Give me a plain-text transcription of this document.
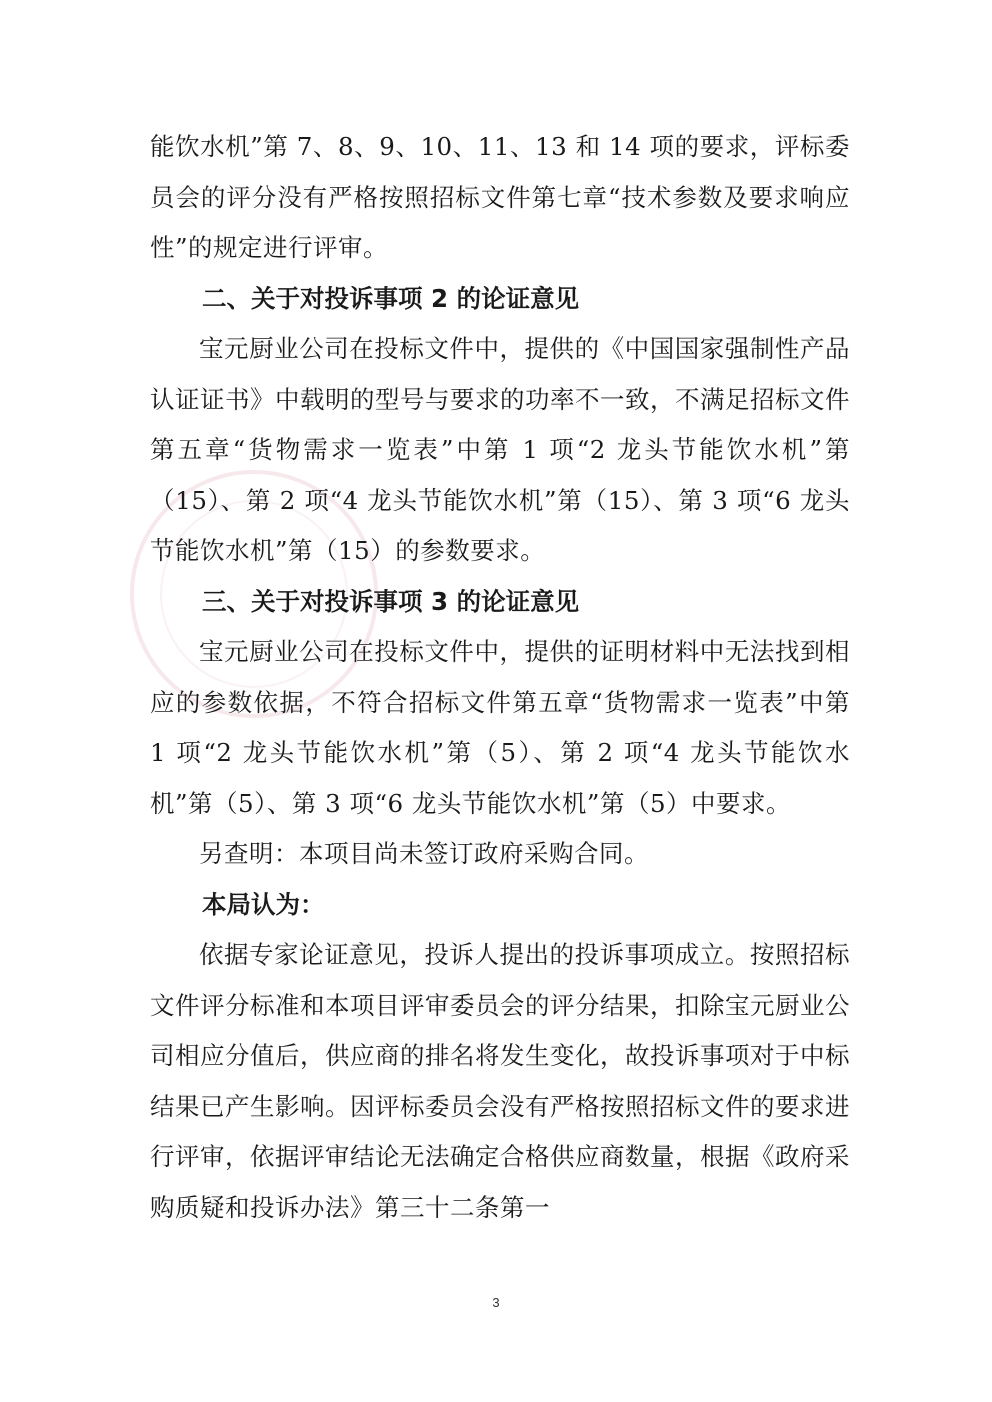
能饮水机”第 7、8、9、10、11、13 和 14 项的要求，评标委员会的评分没有严格按照招标文件第七章“技术参数及要求响应性”的规定进行评审。

二、关于对投诉事项 2 的论证意见

宝元厨业公司在投标文件中，提供的《中国国家强制性产品认证证书》中载明的型号与要求的功率不一致，不满足招标文件第五章“货物需求一览表”中第 1 项“2 龙头节能饮水机”第（15）、第 2 项“4 龙头节能饮水机”第（15）、第 3 项“6 龙头节能饮水机”第（15）的参数要求。

三、关于对投诉事项 3 的论证意见

宝元厨业公司在投标文件中，提供的证明材料中无法找到相应的参数依据，不符合招标文件第五章“货物需求一览表”中第 1 项“2 龙头节能饮水机”第（5）、第 2 项“4 龙头节能饮水机”第（5）、第 3 项“6 龙头节能饮水机”第（5）中要求。

另查明：本项目尚未签订政府采购合同。

本局认为：

依据专家论证意见，投诉人提出的投诉事项成立。按照招标文件评分标准和本项目评审委员会的评分结果，扣除宝元厨业公司相应分值后，供应商的排名将发生变化，故投诉事项对于中标结果已产生影响。因评标委员会没有严格按照招标文件的要求进行评审，依据评审结论无法确定合格供应商数量，根据《政府采购质疑和投诉办法》第三十二条第一

3
